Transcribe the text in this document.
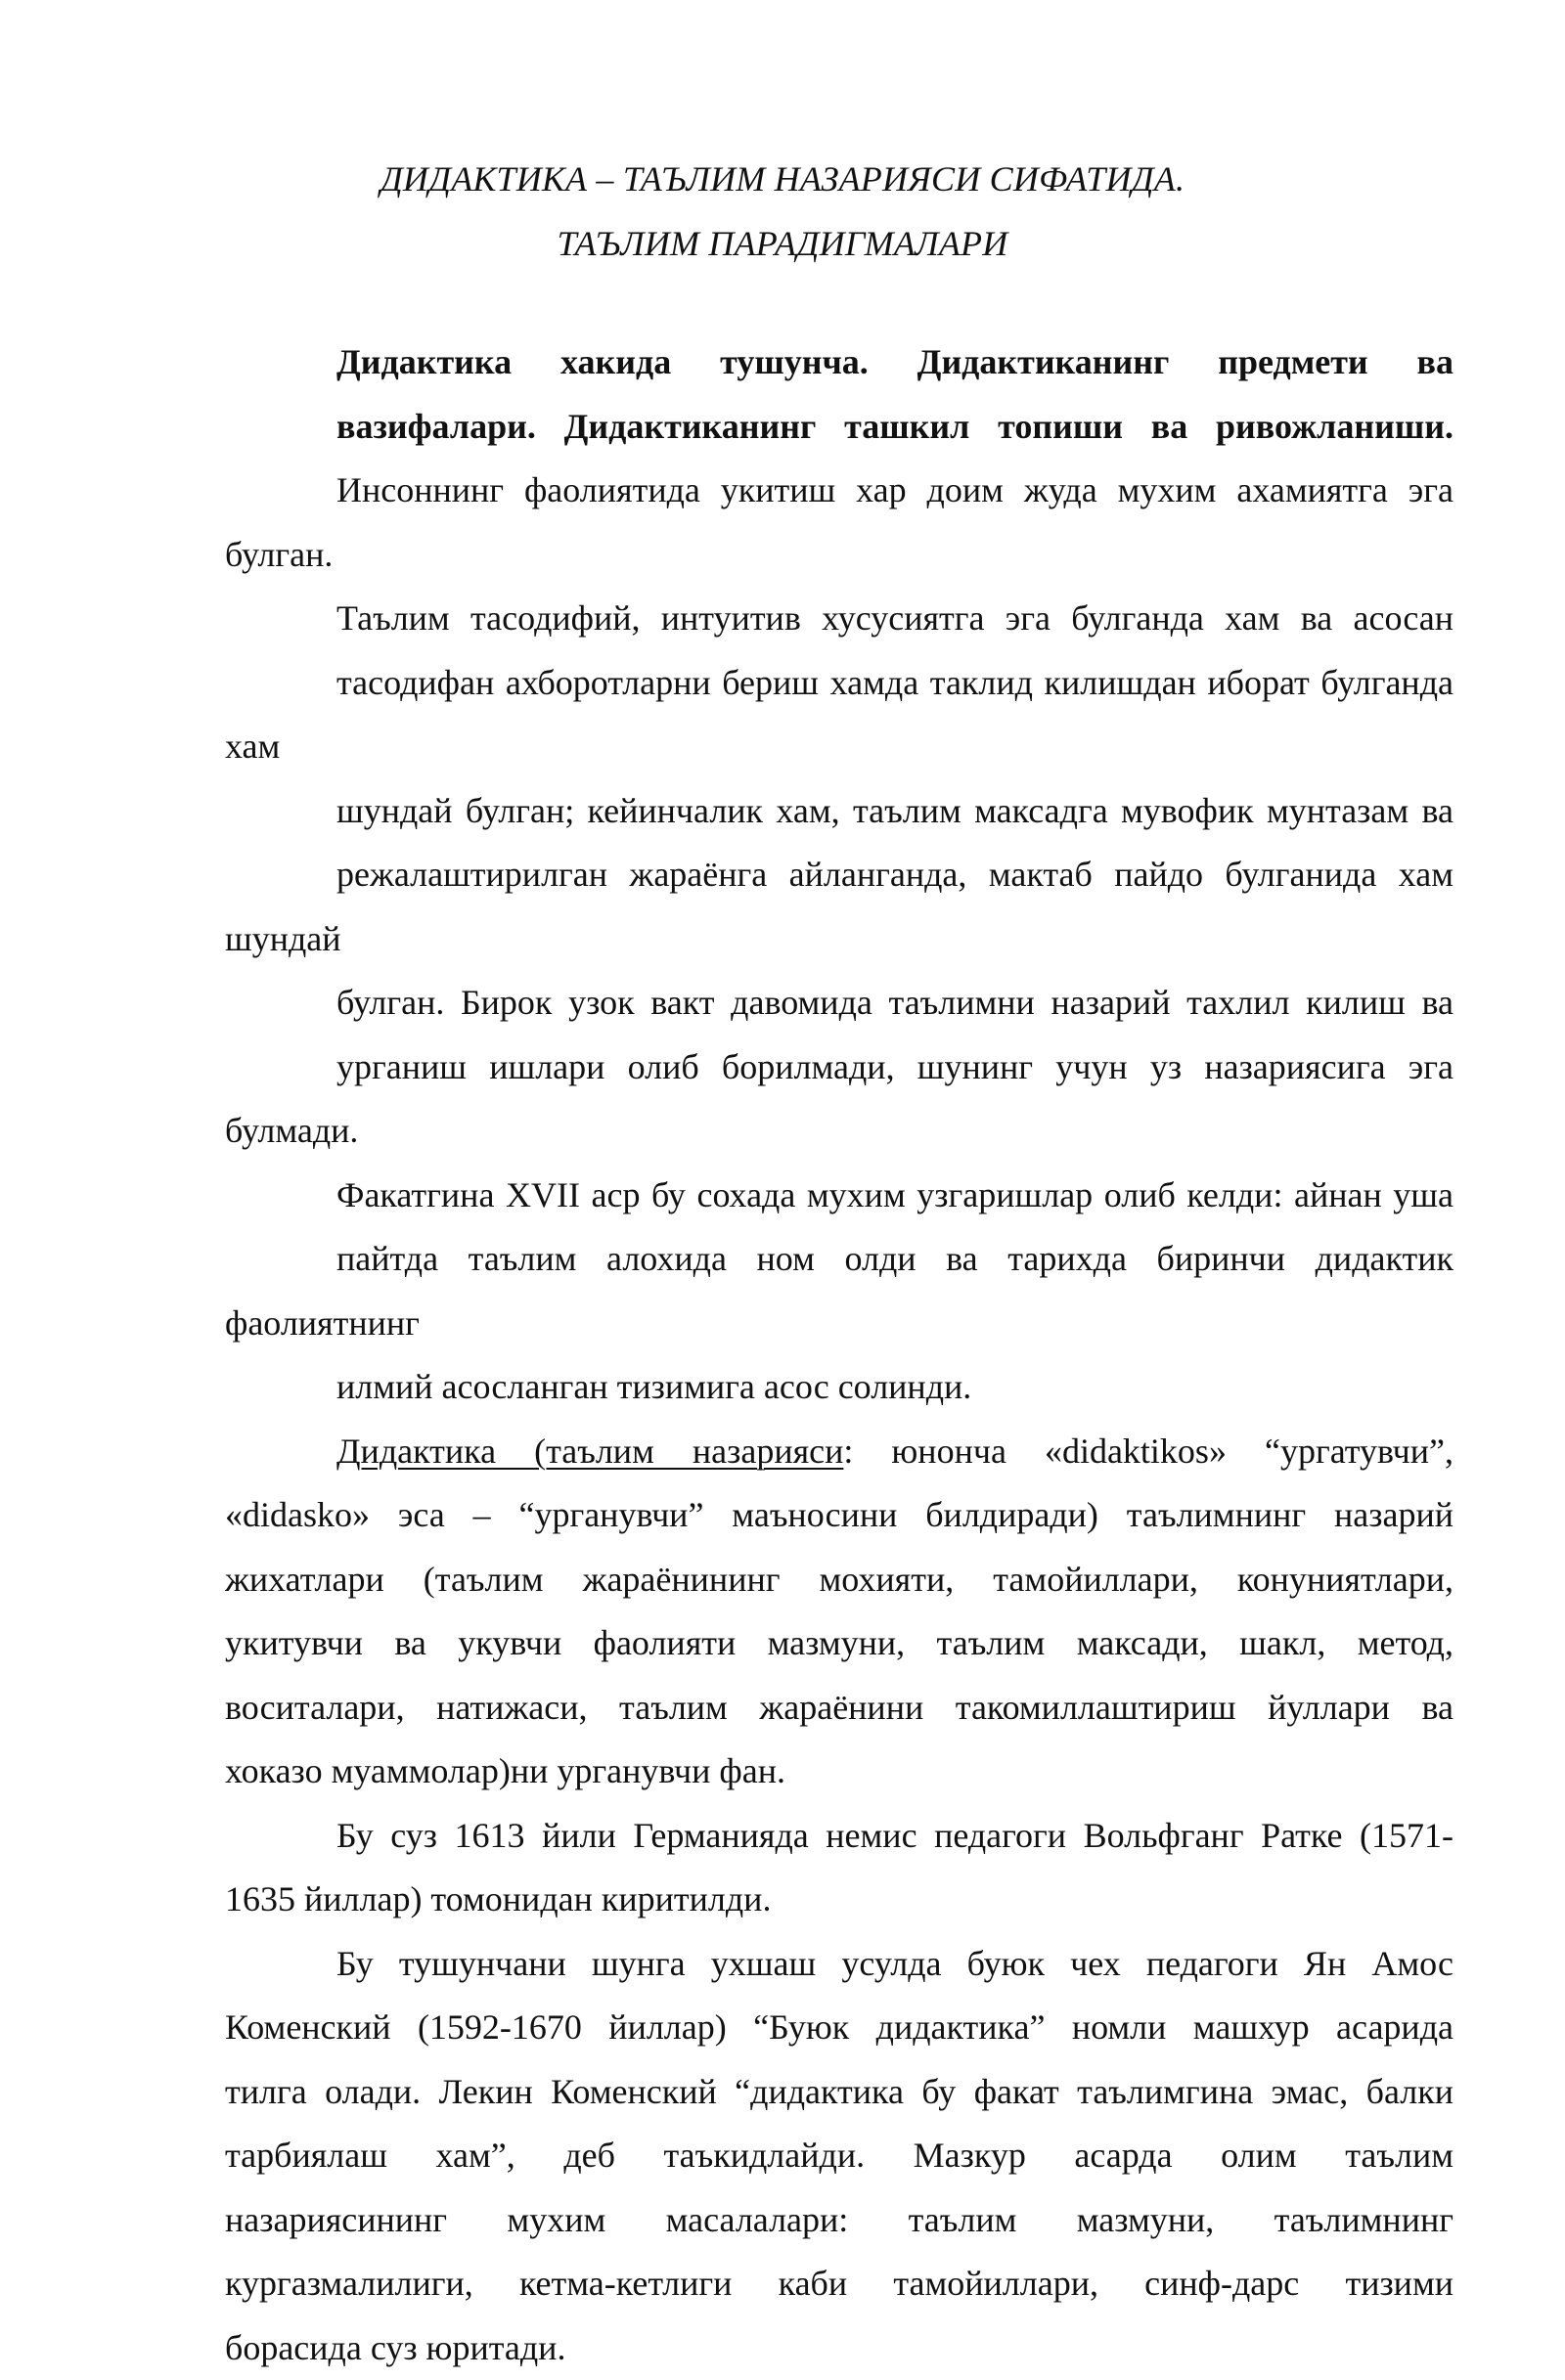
ДИДАКТИКА – ТАЪЛИМ НАЗАРИЯСИ СИФАТИДА.
ТАЪЛИМ ПАРАДИГМАЛАРИ
Дидактика хакида тушунча. Дидактиканинг предмети ва
вазифалари. Дидактиканинг ташкил топиши ва ривожланиши.
Инсоннинг фаолиятида укитиш хар доим жуда мухим ахамиятга эга булган.
Таълим тасодифий, интуитив хусусиятга эга булганда хам ва асосан
тасодифан ахборотларни бериш хамда таклид килишдан иборат булганда хам
шундай булган; кейинчалик хам, таълим максадга мувофик мунтазам ва
режалаштирилган жараёнга айланганда, мактаб пайдо булганида хам шундай
булган. Бирок узок вакт давомида таълимни назарий тахлил килиш ва
урганиш ишлари олиб борилмади, шунинг учун уз назариясига эга булмади.
Факатгина XVII аср бу сохада мухим узгаришлар олиб келди: айнан уша
пайтда таълим алохида ном олди ва тарихда биринчи дидактик фаолиятнинг
илмий асосланган тизимига асос солинди.
Дидактика (таълим назарияси: юнонча «didaktikos» “ургатувчи”,
«didasko» эса – “урганувчи” маъносини билдиради) таълимнинг назарий
жихатлари (таълим жараёнининг мохияти, тамойиллари, конуниятлари,
укитувчи ва укувчи фаолияти мазмуни, таълим максади, шакл, метод,
воситалари, натижаси, таълим жараёнини такомиллаштириш йуллари ва
хоказо муаммолар)ни урганувчи фан.
Бу суз 1613 йили Германияда немис педагоги Вольфганг Ратке (1571-
1635 йиллар) томонидан киритилди.
Бу тушунчани шунга ухшаш усулда буюк чех педагоги Ян Амос
Коменский (1592-1670 йиллар) “Буюк дидактика” номли машхур асарида
тилга олади. Лекин Коменский “дидактика бу факат таълимгина эмас, балки
тарбиялаш хам”, деб таъкидлайди. Мазкур асарда олим таълим
назариясининг мухим масалалари: таълим мазмуни, таълимнинг
кургазмалилиги, кетма-кетлиги каби тамойиллари, синф-дарс тизими
борасида суз юритади.
